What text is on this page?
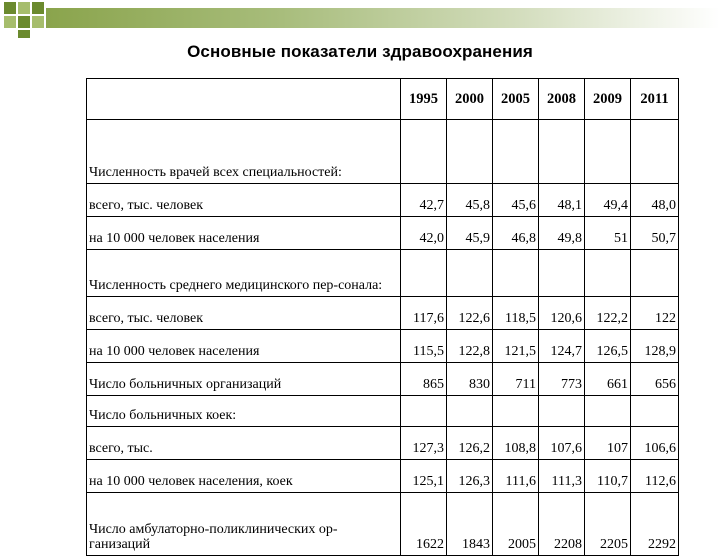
Основные показатели здравоохранения
	1995	2000	2005	2008	2009	2011
Численность врачей всех специальностей:						
всего, тыс. человек	42,7	45,8	45,6	48,1	49,4	48,0
на 10 000 человек населения	42,0	45,9	46,8	49,8	51	50,7
Численность среднего медицинского пер-сонала:						
всего, тыс. человек	117,6	122,6	118,5	120,6	122,2	122
на 10 000 человек населения	115,5	122,8	121,5	124,7	126,5	128,9
Число больничных организаций	865	830	711	773	661	656
Число больничных коек:						
всего, тыс.	127,3	126,2	108,8	107,6	107	106,6
на 10 000 человек населения, коек	125,1	126,3	111,6	111,3	110,7	112,6
Число амбулаторно-поликлинических ор-ганизаций	1622	1843	2005	2208	2205	2292
